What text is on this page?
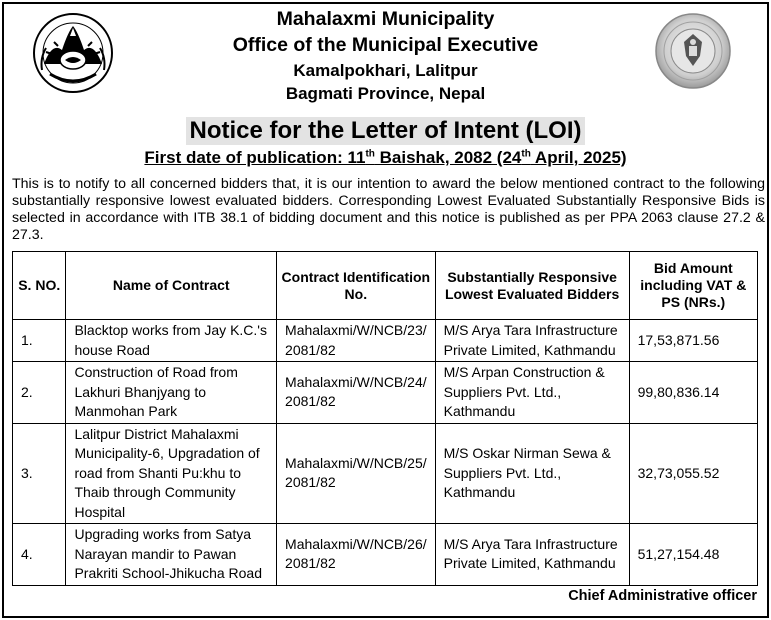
Mahalaxmi Municipality
Office of the Municipal Executive
Kamalpokhari, Lalitpur
Bagmati Province, Nepal
Notice for the Letter of Intent (LOI)
First date of publication: 11th Baishak, 2082 (24th April, 2025)
This is to notify to all concerned bidders that, it is our intention to award the below mentioned contract to the following substantially responsive lowest evaluated bidders. Corresponding Lowest Evaluated Substantially Responsive Bids is selected in accordance with ITB 38.1 of bidding document and this notice is published as per PPA 2063 clause 27.2 & 27.3.
S. NO.	Name of Contract	Contract Identification No.	Substantially Responsive Lowest Evaluated Bidders	Bid Amount including VAT & PS (NRs.)
1.	Blacktop works from Jay K.C.'s house Road	Mahalaxmi/W/NCB/23/ 2081/82	M/S Arya Tara Infrastructure Private Limited, Kathmandu	17,53,871.56
2.	Construction of Road from Lakhuri Bhanjyang to Manmohan Park	Mahalaxmi/W/NCB/24/ 2081/82	M/S Arpan Construction & Suppliers Pvt. Ltd., Kathmandu	99,80,836.14
3.	Lalitpur District Mahalaxmi Municipality-6, Upgradation of road from Shanti Pu:khu to Thaib through Community Hospital	Mahalaxmi/W/NCB/25/ 2081/82	M/S Oskar Nirman Sewa & Suppliers Pvt. Ltd., Kathmandu	32,73,055.52
4.	Upgrading works from Satya Narayan mandir to Pawan Prakriti School-Jhikucha Road	Mahalaxmi/W/NCB/26/ 2081/82	M/S Arya Tara Infrastructure Private Limited, Kathmandu	51,27,154.48
Chief Administrative officer
